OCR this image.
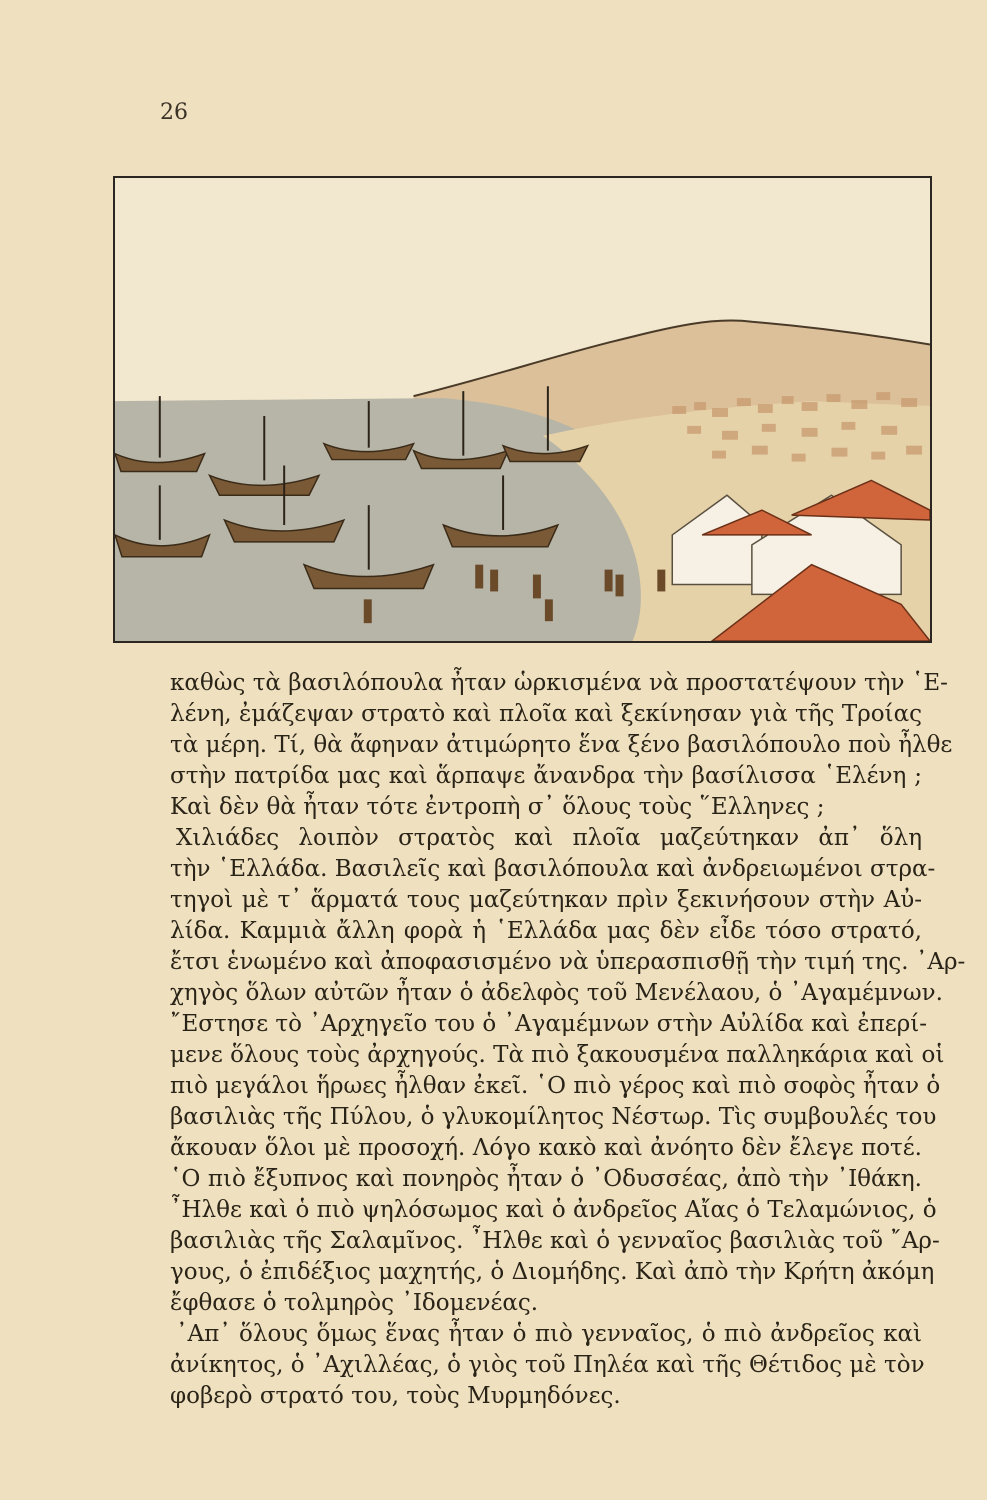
26

καθὼς τὰ βασιλόπουλα ἦταν ὡρκισμένα νὰ προστατέψουν τὴν ῾Ε-
λένη, ἐμάζεψαν στρατὸ καὶ πλοῖα καὶ ξεκίνησαν γιὰ τῆς Τροίας
τὰ μέρη. Τί, θὰ ἄφηναν ἀτιμώρητο ἕνα ξένο βασιλόπουλο ποὺ ἦλθε
στὴν πατρίδα μας καὶ ἅρπαψε ἄνανδρα τὴν βασίλισσα ῾Ελένη ;
Καὶ δὲν θὰ ἦταν τότε ἐντροπὴ σ᾽ ὅλους τοὺς ῞Ελληνες ;

Χιλιάδες λοιπὸν στρατὸς καὶ πλοῖα μαζεύτηκαν ἀπ᾽ ὅλη
τὴν ῾Ελλάδα. Βασιλεῖς καὶ βασιλόπουλα καὶ ἀνδρειωμένοι στρα-
τηγοὶ μὲ τ᾽ ἅρματά τους μαζεύτηκαν πρὶν ξεκινήσουν στὴν Αὐ-
λίδα. Καμμιὰ ἄλλη φορὰ ἡ ῾Ελλάδα μας δὲν εἶδε τόσο στρατό,
ἔτσι ἑνωμένο καὶ ἀποφασισμένο νὰ ὑπερασπισθῇ τὴν τιμή της. ᾽Αρ-
χηγὸς ὅλων αὐτῶν ἦταν ὁ ἀδελφὸς τοῦ Μενέλαου, ὁ ᾽Αγαμέμνων.
῎Εστησε τὸ ᾽Αρχηγεῖο του ὁ ᾽Αγαμέμνων στὴν Αὐλίδα καὶ ἐπερί-
μενε ὅλους τοὺς ἀρχηγούς. Τὰ πιὸ ξακουσμένα παλληκάρια καὶ οἱ
πιὸ μεγάλοι ἥρωες ἦλθαν ἐκεῖ. ῾Ο πιὸ γέρος καὶ πιὸ σοφὸς ἦταν ὁ
βασιλιὰς τῆς Πύλου, ὁ γλυκομίλητος Νέστωρ. Τὶς συμβουλές του
ἄκουαν ὅλοι μὲ προσοχή. Λόγο κακὸ καὶ ἀνόητο δὲν ἔλεγε ποτέ.
῾Ο πιὸ ἔξυπνος καὶ πονηρὸς ἦταν ὁ ᾽Οδυσσέας, ἀπὸ τὴν ᾽Ιθάκη.
῏Ηλθε καὶ ὁ πιὸ ψηλόσωμος καὶ ὁ ἀνδρεῖος Αἴας ὁ Τελαμώνιος, ὁ
βασιλιὰς τῆς Σαλαμῖνος. ῏Ηλθε καὶ ὁ γενναῖος βασιλιὰς τοῦ ῎Αρ-
γους, ὁ ἐπιδέξιος μαχητής, ὁ Διομήδης. Καὶ ἀπὸ τὴν Κρήτη ἀκόμη
ἔφθασε ὁ τολμηρὸς ᾽Ιδομενέας.

᾽Απ᾽ ὅλους ὅμως ἕνας ἦταν ὁ πιὸ γενναῖος, ὁ πιὸ ἀνδρεῖος καὶ
ἀνίκητος, ὁ ᾽Αχιλλέας, ὁ γιὸς τοῦ Πηλέα καὶ τῆς Θέτιδος μὲ τὸν
φοβερὸ στρατό του, τοὺς Μυρμηδόνες.
